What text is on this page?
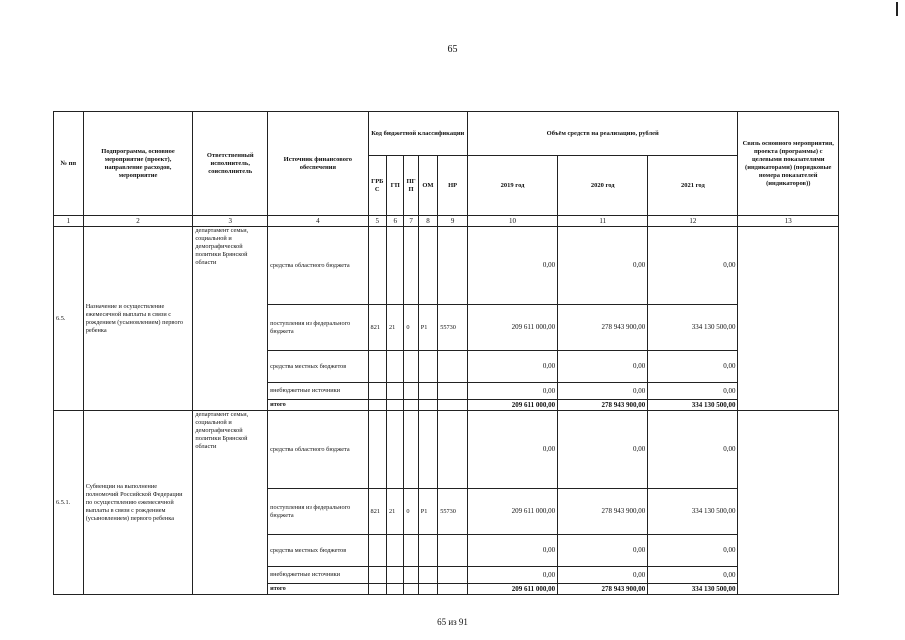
65
№ пп	Подпрограмма, основное мероприятие (проект), направление расходов, мероприятие	Ответственный исполнитель, соисполнитель	Источник финансового обеспечения	Код бюджетной классификации					Объём средств на реализацию, рублей			Связь основного мероприятия, проекта (программы) с целевыми показателями (индикаторами) (порядковые номера показателей (индикаторов))
				ГРБ С	ГП	ПГ П	ОМ	НР	2019 год	2020 год	2021 год	
1	2	3	4	5	6	7	8	9	10	11	12	13
6.5.	Назначение и осуществление ежемесячной выплаты в связи с рождением (усыновлением) первого ребенка	департамент семьи, социальной и демографической политики Брянской области	средства областного бюджета						0,00	0,00	0,00	
			поступления из федерального бюджета	821	21	0	P1	55730	209 611 000,00	278 943 900,00	334 130 500,00	
			средства местных бюджетов						0,00	0,00	0,00	
			внебюджетные источники						0,00	0,00	0,00	
			итого						209 611 000,00	278 943 900,00	334 130 500,00	
6.5.1.	Субвенции на выполнение полномочий Российской Федерации по осуществлению ежемесячной выплаты в связи с рождением (усыновлением) первого ребенка	департамент семьи, социальной и демографической политики Брянской области	средства областного бюджета						0,00	0,00	0,00	
			поступления из федерального бюджета	821	21	0	P1	55730	209 611 000,00	278 943 900,00	334 130 500,00	
			средства местных бюджетов						0,00	0,00	0,00	
			внебюджетные источники						0,00	0,00	0,00	
			итого						209 611 000,00	278 943 900,00	334 130 500,00	
65 из 91
